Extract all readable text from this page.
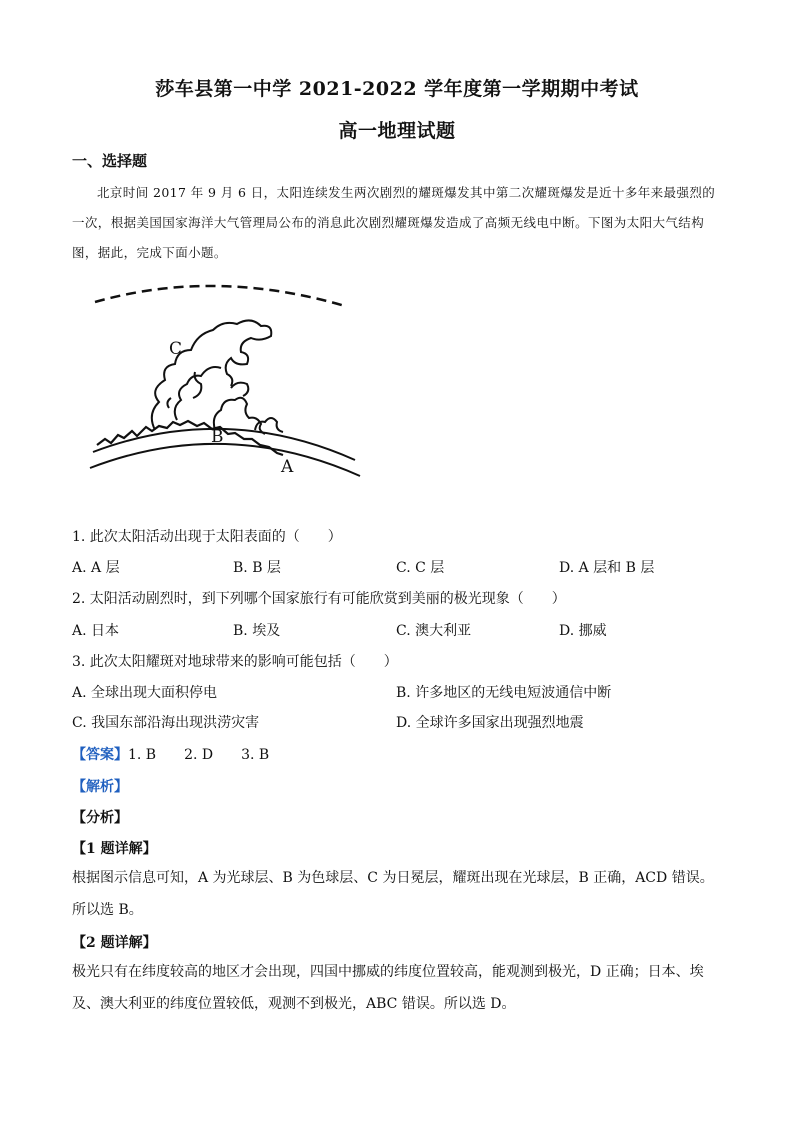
莎车县第一中学 2021-2022 学年度第一学期期中考试
高一地理试题
一、选择题
北京时间 2017 年 9 月 6 日，太阳连续发生两次剧烈的耀斑爆发其中第二次耀斑爆发是近十多年来最强烈的一次，根据美国国家海洋大气管理局公布的消息此次剧烈耀斑爆发造成了高频无线电中断。下图为太阳大气结构图，据此，完成下面小题。
C
B
A
1. 此次太阳活动出现于太阳表面的（　　）
A. A 层	B. B 层	C. C 层	D. A 层和 B 层
2. 太阳活动剧烈时，到下列哪个国家旅行有可能欣赏到美丽的极光现象（　　）
A. 日本	B. 埃及	C. 澳大利亚	D. 挪威
3. 此次太阳耀斑对地球带来的影响可能包括（　　）
A. 全球出现大面积停电	B. 许多地区的无线电短波通信中断
C. 我国东部沿海出现洪涝灾害	D. 全球许多国家出现强烈地震
【答案】1. B　　2. D　　3. B
【解析】
【分析】
【1 题详解】
根据图示信息可知，A 为光球层、B 为色球层、C 为日冕层，耀斑出现在光球层，B 正确，ACD 错误。所以选 B。
【2 题详解】
极光只有在纬度较高的地区才会出现，四国中挪威的纬度位置较高，能观测到极光，D 正确；日本、埃及、澳大利亚的纬度位置较低，观测不到极光，ABC 错误。所以选 D。
